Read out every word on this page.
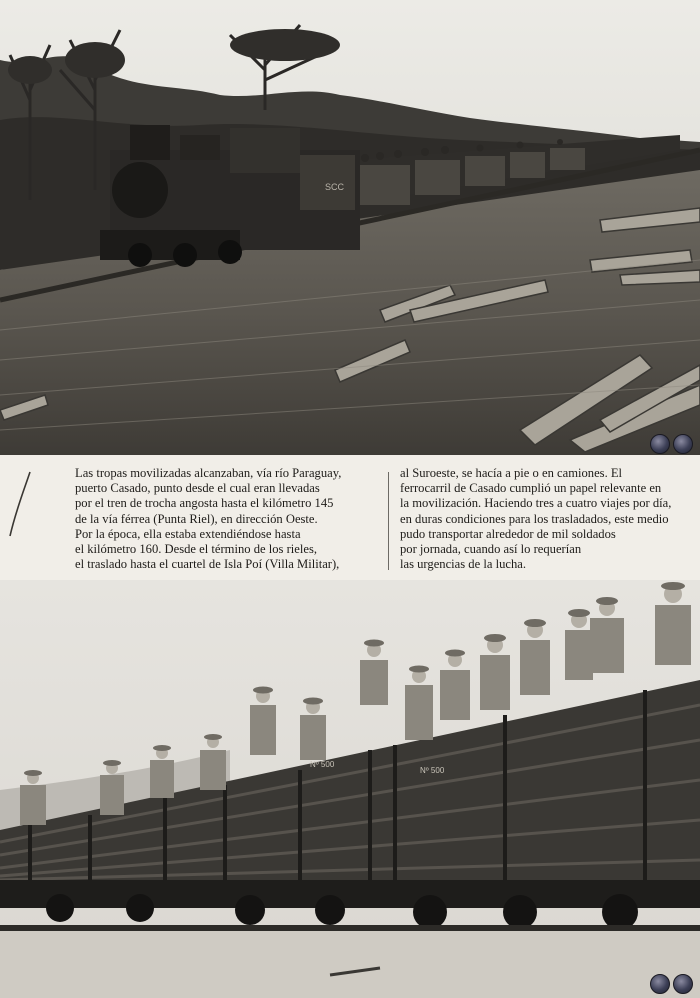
SCC
Las tropas movilizadas alcanzaban, vía río Paraguay,
puerto Casado, punto desde el cual eran llevadas
por el tren de trocha angosta hasta el kilómetro 145
de la vía férrea (Punta Riel), en dirección Oeste.
Por la época, ella estaba extendiéndose hasta
el kilómetro 160. Desde el término de los rieles,
el traslado hasta el cuartel de Isla Poí (Villa Militar),
al Suroeste, se hacía a pie o en camiones. El
ferrocarril de Casado cumplió un papel relevante en
la movilización. Haciendo tres a cuatro viajes por día,
en duras condiciones para los trasladados, este medio
pudo transportar alrededor de mil soldados
por jornada, cuando así lo requerían
las urgencias de la lucha.
Nº 500
Nº 500
